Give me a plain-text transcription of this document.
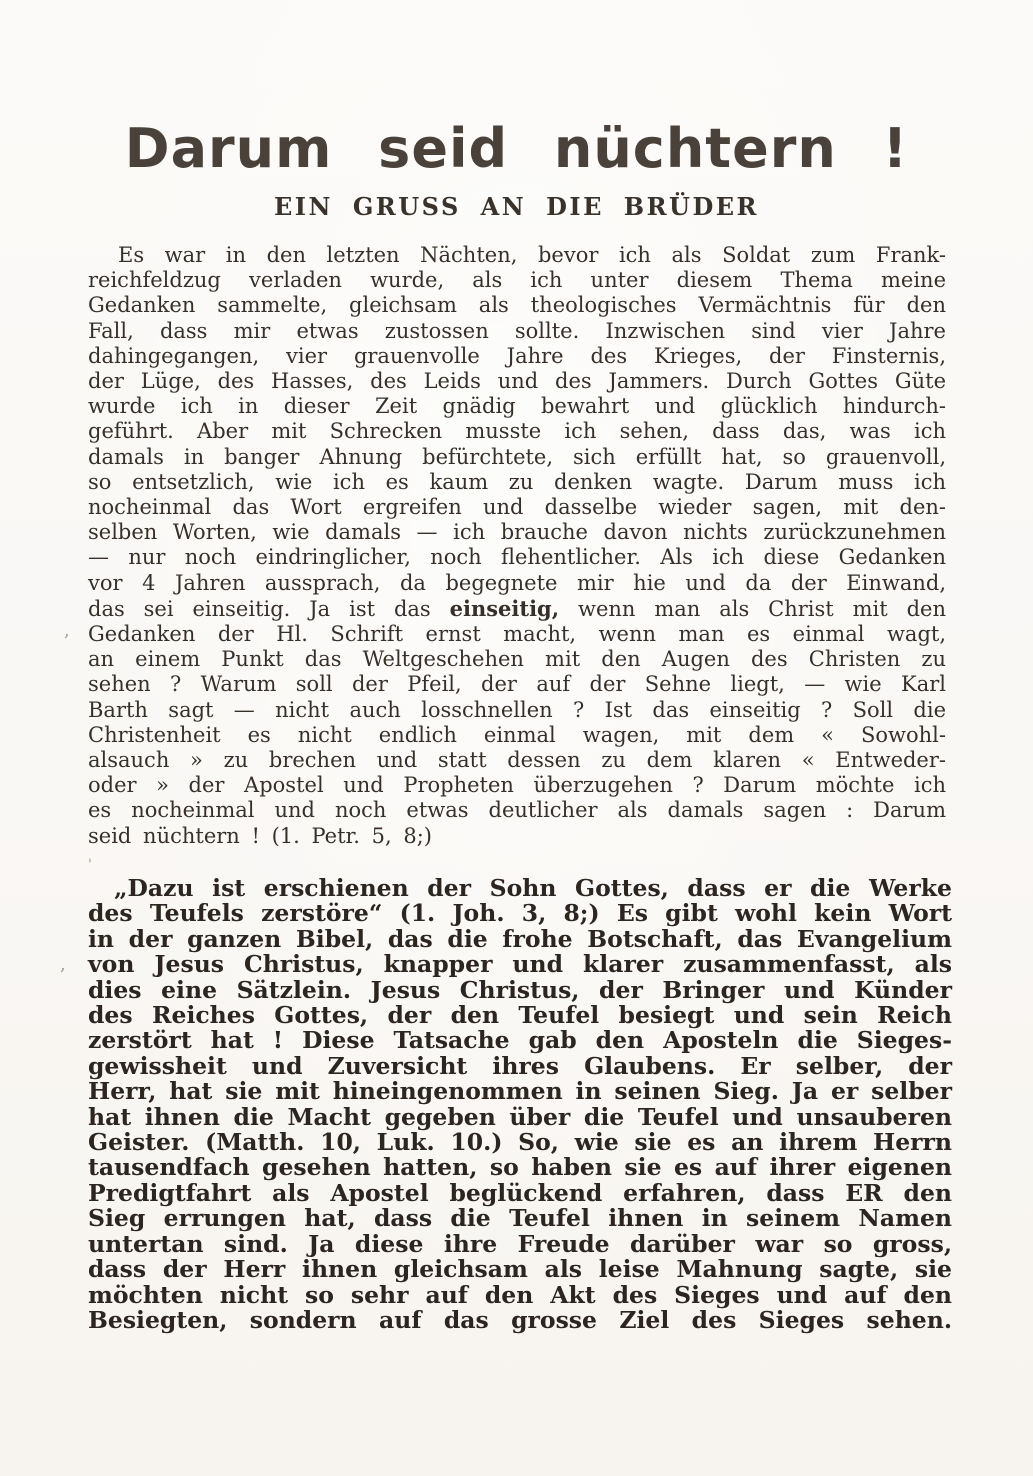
Darum seid nüchtern !
EIN GRUSS AN DIE BRÜDER
Es war in den letzten Nächten, bevor ich als Soldat zum Frank-
reichfeldzug verladen wurde, als ich unter diesem Thema meine
Gedanken sammelte, gleichsam als theologisches Vermächtnis für den
Fall, dass mir etwas zustossen sollte. Inzwischen sind vier Jahre
dahingegangen, vier grauenvolle Jahre des Krieges, der Finsternis,
der Lüge, des Hasses, des Leids und des Jammers. Durch Gottes Güte
wurde ich in dieser Zeit gnädig bewahrt und glücklich hindurch-
geführt. Aber mit Schrecken musste ich sehen, dass das, was ich
damals in banger Ahnung befürchtete, sich erfüllt hat, so grauenvoll,
so entsetzlich, wie ich es kaum zu denken wagte. Darum muss ich
nocheinmal das Wort ergreifen und dasselbe wieder sagen, mit den-
selben Worten, wie damals — ich brauche davon nichts zurückzunehmen
— nur noch eindringlicher, noch flehentlicher. Als ich diese Gedanken
vor 4 Jahren aussprach, da begegnete mir hie und da der Einwand,
das sei einseitig. Ja ist das einseitig, wenn man als Christ mit den
Gedanken der Hl. Schrift ernst macht, wenn man es einmal wagt,
an einem Punkt das Weltgeschehen mit den Augen des Christen zu
sehen ? Warum soll der Pfeil, der auf der Sehne liegt, — wie Karl
Barth sagt — nicht auch losschnellen ? Ist das einseitig ? Soll die
Christenheit es nicht endlich einmal wagen, mit dem « Sowohl-
alsauch » zu brechen und statt dessen zu dem klaren « Entweder-
oder » der Apostel und Propheten überzugehen ? Darum möchte ich
es nocheinmal und noch etwas deutlicher als damals sagen : Darum
seid nüchtern ! (1. Petr. 5, 8;)
„Dazu ist erschienen der Sohn Gottes, dass er die Werke
des Teufels zerstöre“ (1. Joh. 3, 8;) Es gibt wohl kein Wort
in der ganzen Bibel, das die frohe Botschaft, das Evangelium
von Jesus Christus, knapper und klarer zusammenfasst, als
dies eine Sätzlein. Jesus Christus, der Bringer und Künder
des Reiches Gottes, der den Teufel besiegt und sein Reich
zerstört hat ! Diese Tatsache gab den Aposteln die Sieges-
gewissheit und Zuversicht ihres Glaubens. Er selber, der
Herr, hat sie mit hineingenommen in seinen Sieg. Ja er selber
hat ihnen die Macht gegeben über die Teufel und unsauberen
Geister. (Matth. 10, Luk. 10.) So, wie sie es an ihrem Herrn
tausendfach gesehen hatten, so haben sie es auf ihrer eigenen
Predigtfahrt als Apostel beglückend erfahren, dass ER den
Sieg errungen hat, dass die Teufel ihnen in seinem Namen
untertan sind. Ja diese ihre Freude darüber war so gross,
dass der Herr ihnen gleichsam als leise Mahnung sagte, sie
möchten nicht so sehr auf den Akt des Sieges und auf den
Besiegten, sondern auf das grosse Ziel des Sieges sehen.
,
,
'
